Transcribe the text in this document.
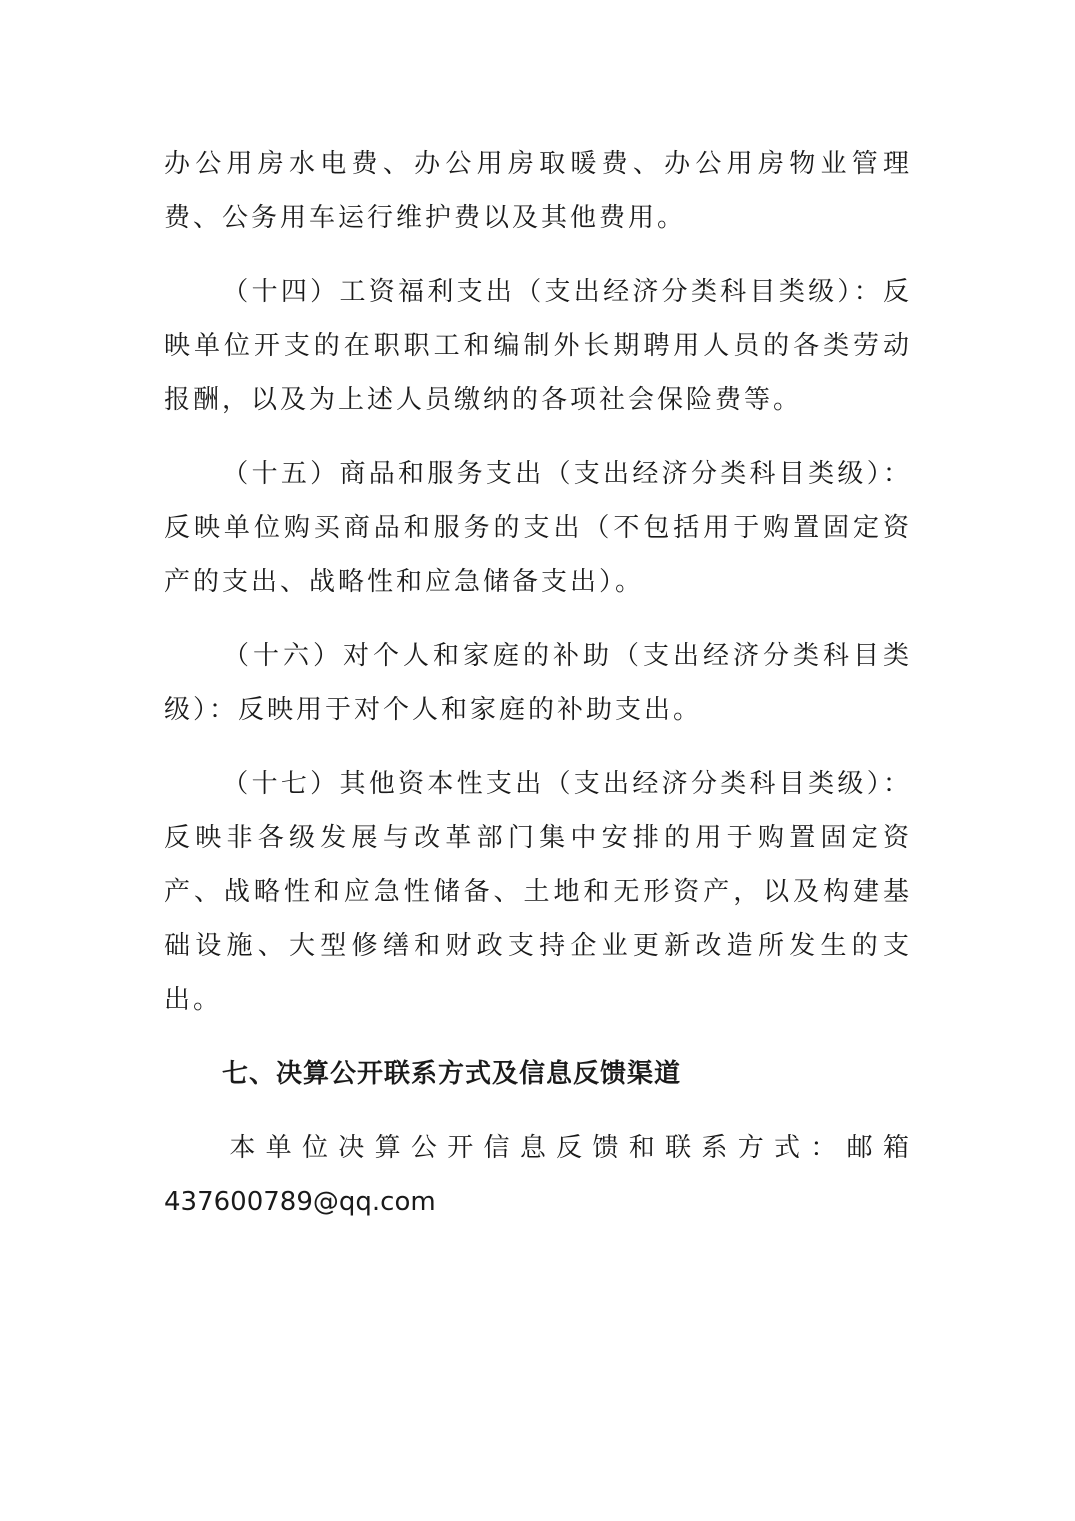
办公用房水电费、办公用房取暖费、办公用房物业管理费、公务用车运行维护费以及其他费用。

（十四）工资福利支出（支出经济分类科目类级）：反映单位开支的在职职工和编制外长期聘用人员的各类劳动报酬，以及为上述人员缴纳的各项社会保险费等。

（十五）商品和服务支出（支出经济分类科目类级）：反映单位购买商品和服务的支出（不包括用于购置固定资产的支出、战略性和应急储备支出）。

（十六）对个人和家庭的补助（支出经济分类科目类级）：反映用于对个人和家庭的补助支出。

（十七）其他资本性支出（支出经济分类科目类级）：反映非各级发展与改革部门集中安排的用于购置固定资产、战略性和应急性储备、土地和无形资产，以及构建基础设施、大型修缮和财政支持企业更新改造所发生的支出。

七、决算公开联系方式及信息反馈渠道

本单位决算公开信息反馈和联系方式：邮箱

437600789@qq.com
